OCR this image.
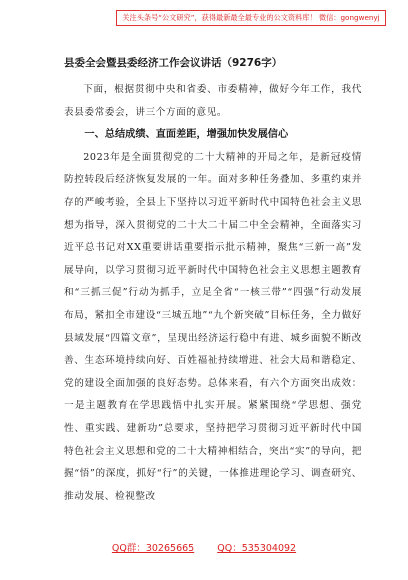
关注头条号“公文研究”，获得最新最全最专业的公文资料库！ 微信：gongwenyj
县委全会暨县委经济工作会议讲话（9276字）

下面，根据贯彻中央和省委、市委精神，做好今年工作，我代表县委常委会，讲三个方面的意见。

一、总结成绩、直面差距，增强加快发展信心

2023年是全面贯彻党的二十大精神的开局之年，是新冠疫情防控转段后经济恢复发展的一年。面对多种任务叠加、多重约束并存的严峻考验，全县上下坚持以习近平新时代中国特色社会主义思想为指导，深入贯彻党的二十大二十届二中全会精神，全面落实习近平总书记对XX重要讲话重要指示批示精神，聚焦“三新一高”发展导向，以学习贯彻习近平新时代中国特色社会主义思想主题教育和“三抓三促”行动为抓手，立足全省“一核三带”“四强”行动发展布局，紧扣全市建设“三城五地”“九个新突破”目标任务，全力做好县域发展“四篇文章”，呈现出经济运行稳中有进、城乡面貌不断改善、生态环境持续向好、百姓福祉持续增进、社会大局和谐稳定、党的建设全面加强的良好态势。总体来看，有六个方面突出成效：一是主题教育在学思践悟中扎实开展。紧紧围绕“学思想、强党性、重实践、建新功”总要求，坚持把学习贯彻习近平新时代中国特色社会主义思想和党的二十大精神相结合，突出“实”的导向，把握“悟”的深度，抓好“行”的关键，一体推进理论学习、调查研究、推动发展、检视整改

QQ群：30265665 QQ：535304092
